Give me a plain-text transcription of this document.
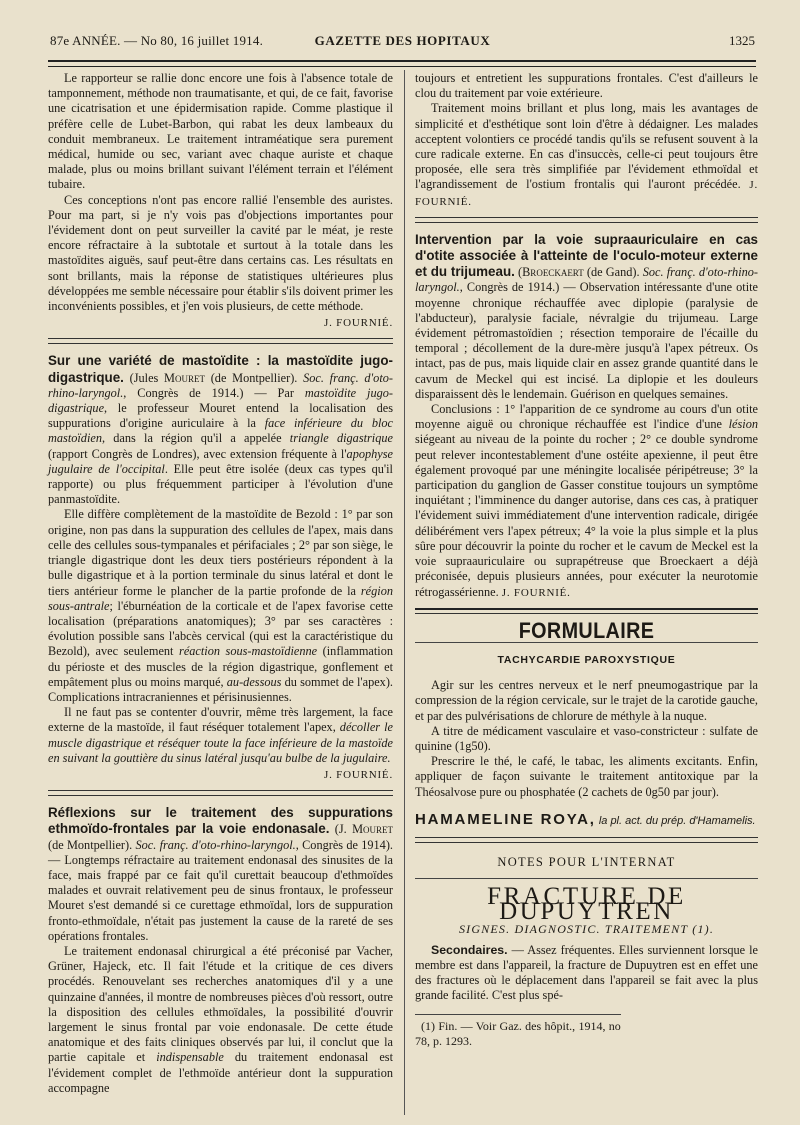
87e ANNÉE. — No 80, 16 juillet 1914.	GAZETTE DES HOPITAUX	1325

Le rapporteur se rallie donc encore une fois à l'absence totale de tamponnement, méthode non traumatisante, et qui, de ce fait, favorise une cicatrisation et une épidermisation rapide. Comme plastique il préfère celle de Lubet-Barbon, qui rabat les deux lambeaux du conduit membraneux. Le traitement intraméatique sera purement médical, humide ou sec, variant avec chaque auriste et chaque malade, plus ou moins brillant suivant l'élément terrain et l'élément tubaire.

Ces conceptions n'ont pas encore rallié l'ensemble des auristes. Pour ma part, si je n'y vois pas d'objections importantes pour l'évidement dont on peut surveiller la cavité par le méat, je reste encore réfractaire à la subtotale et surtout à la totale dans les mastoïdites aiguës, sauf peut-être dans certains cas. Les résultats en sont brillants, mais la réponse de statistiques ultérieures plus développées me semble nécessaire pour établir s'ils doivent primer les inconvénients possibles, et j'en vois plusieurs, de cette méthode.

J. FOURNIÉ.

Sur une variété de mastoïdite : la mastoïdite jugo-digastrique. (Jules Mouret (de Montpellier). Soc. franç. d'oto-rhino-laryngol., Congrès de 1914.) — Par mastoïdite jugo-digastrique, le professeur Mouret entend la localisation des suppurations d'origine auriculaire à la face inférieure du bloc mastoïdien, dans la région qu'il a appelée triangle digastrique (rapport Congrès de Londres), avec extension fréquente à l'apophyse jugulaire de l'occipital. Elle peut être isolée (deux cas types qu'il rapporte) ou plus fréquemment participer à l'évolution d'une panmastoïdite.

Elle diffère complètement de la mastoïdite de Bezold : 1° par son origine, non pas dans la suppuration des cellules de l'apex, mais dans celle des cellules sous-tympanales et périfaciales ; 2° par son siège, le triangle digastrique dont les deux tiers postérieurs répondent à la bulle digastrique et à la portion terminale du sinus latéral et dont le tiers antérieur forme le plancher de la partie profonde de la région sous-antrale; l'éburnéation de la corticale et de l'apex favorise cette localisation (préparations anatomiques); 3° par ses caractères : évolution possible sans l'abcès cervical (qui est la caractéristique du Bezold), avec seulement réaction sous-mastoïdienne (inflammation du périoste et des muscles de la région digastrique, gonflement et empâtement plus ou moins marqué, au-dessous du sommet de l'apex). Complications intracraniennes et périsinusiennes.

Il ne faut pas se contenter d'ouvrir, même très largement, la face externe de la mastoïde, il faut réséquer totalement l'apex, décoller le muscle digastrique et réséquer toute la face inférieure de la mastoïde en suivant la gouttière du sinus latéral jusqu'au bulbe de la jugulaire.

J. FOURNIÉ.

Réflexions sur le traitement des suppurations ethmoïdo-frontales par la voie endonasale. (J. Mouret (de Montpellier). Soc. franç. d'oto-rhino-laryngol., Congrès de 1914). — Longtemps réfractaire au traitement endonasal des sinusites de la face, mais frappé par ce fait qu'il curettait beaucoup d'ethmoïdes malades et ouvrait relativement peu de sinus frontaux, le professeur Mouret s'est demandé si ce curettage ethmoïdal, lors de suppuration fronto-ethmoïdale, n'était pas justement la cause de la rareté de ses opérations frontales.

Le traitement endonasal chirurgical a été préconisé par Vacher, Grüner, Hajeck, etc. Il fait l'étude et la critique de ces divers procédés. Renouvelant ses recherches anatomiques d'il y a une quinzaine d'années, il montre de nombreuses pièces d'où ressort, outre la disposition des cellules ethmoïdales, la possibilité d'ouvrir largement le sinus frontal par voie endonasale. De cette étude anatomique et des faits cliniques observés par lui, il conclut que la partie capitale et indispensable du traitement endonasal est l'évidement complet de l'ethmoïde antérieur dont la suppuration accompagne

toujours et entretient les suppurations frontales. C'est d'ailleurs le clou du traitement par voie extérieure.

Traitement moins brillant et plus long, mais les avantages de simplicité et d'esthétique sont loin d'être à dédaigner. Les malades acceptent volontiers ce procédé tandis qu'ils se refusent souvent à la cure radicale externe. En cas d'insuccès, celle-ci peut toujours être proposée, elle sera très simplifiée par l'évidement ethmoïdal et l'agrandissement de l'ostium frontalis qui l'auront précédée. J. FOURNIÉ.

Intervention par la voie supraauriculaire en cas d'otite associée à l'atteinte de l'oculo-moteur externe et du trijumeau. (Broeckaert (de Gand). Soc. franç. d'oto-rhino-laryngol., Congrès de 1914.) — Observation intéressante d'une otite moyenne chronique réchauffée avec diplopie (paralysie de l'abducteur), paralysie faciale, névralgie du trijumeau. Large évidement pétromastoïdien ; résection temporaire de l'écaille du temporal ; décollement de la dure-mère jusqu'à l'apex pétreux. Os intact, pas de pus, mais liquide clair en assez grande quantité dans le cavum de Meckel qui est incisé. La diplopie et les douleurs disparaissent dès le lendemain. Guérison en quelques semaines.

Conclusions : 1° l'apparition de ce syndrome au cours d'un otite moyenne aiguë ou chronique réchauffée est l'indice d'une lésion siégeant au niveau de la pointe du rocher ; 2° ce double syndrome peut relever incontestablement d'une ostéite apexienne, il peut être également provoqué par une méningite localisée péripétreuse; 3° la participation du ganglion de Gasser constitue toujours un symptôme inquiétant ; l'imminence du danger autorise, dans ces cas, à pratiquer l'évidement suivi immédiatement d'une intervention radicale, dirigée délibérément vers l'apex pétreux; 4° la voie la plus simple et la plus sûre pour découvrir la pointe du rocher et le cavum de Meckel est la voie supraauriculaire ou suprapétreuse que Broeckaert a déjà préconisée, depuis plusieurs années, pour exécuter la neurotomie rétrogassérienne. J. FOURNIÉ.

FORMULAIRE
TACHYCARDIE PAROXYSTIQUE

Agir sur les centres nerveux et le nerf pneumogastrique par la compression de la région cervicale, sur le trajet de la carotide gauche, et par des pulvérisations de chlorure de méthyle à la nuque.

A titre de médicament vasculaire et vaso-constricteur : sulfate de quinine (1g50).

Prescrire le thé, le café, le tabac, les aliments excitants. Enfin, appliquer de façon suivante le traitement antitoxique par la Théosalvose pure ou phosphatée (2 cachets de 0g50 par jour).

HAMAMELINE ROYA, la pl. act. du prép. d'Hamamelis.
NOTES POUR L'INTERNAT
FRACTURE DE DUPUYTREN
SIGNES. DIAGNOSTIC. TRAITEMENT (1).

Secondaires. — Assez fréquentes. Elles surviennent lorsque le membre est dans l'appareil, la fracture de Dupuytren est en effet une des fractures où le déplacement dans l'appareil se fait avec la plus grande facilité. C'est plus spé-

(1) Fin. — Voir Gaz. des hôpit., 1914, no 78, p. 1293.
